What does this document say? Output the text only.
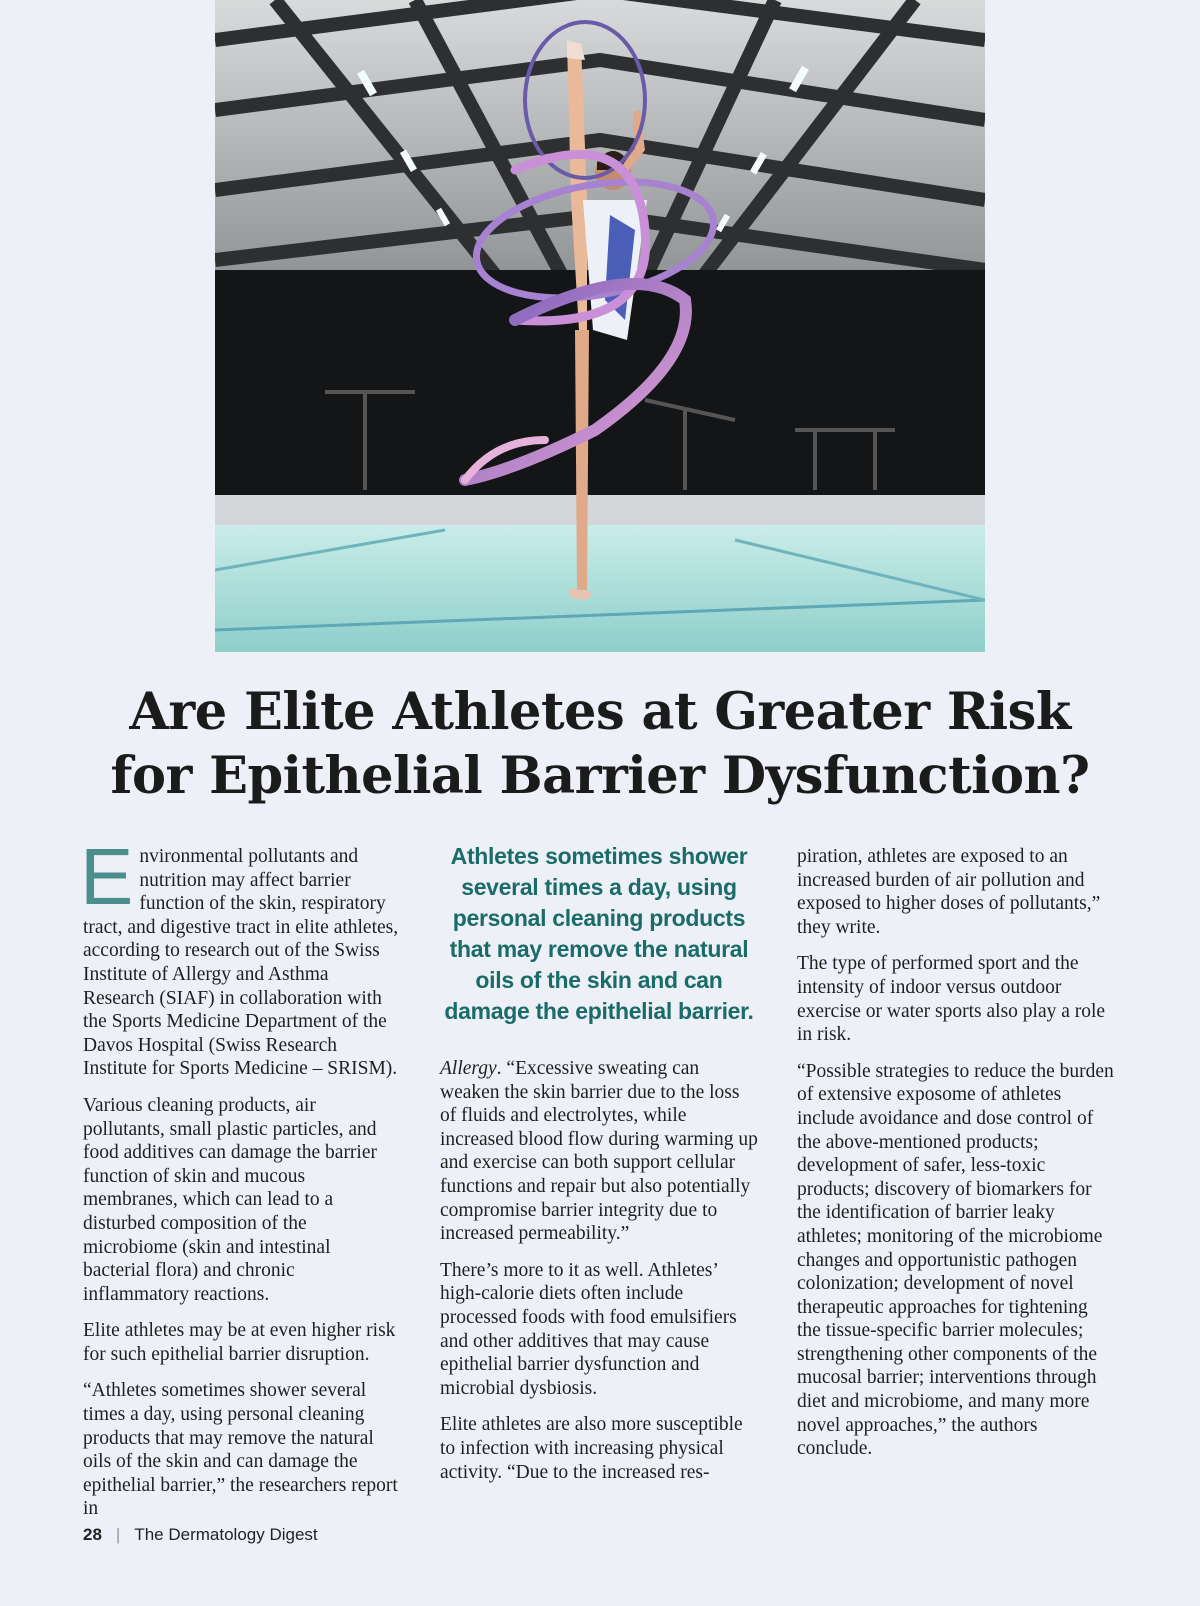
Are Elite Athletes at Greater Risk
for Epithelial Barrier Dysfunction?

Environmental pollutants and nutrition may affect barrier function of the skin, respiratory tract, and digestive tract in elite athletes, according to research out of the Swiss Institute of Allergy and Asthma Research (SIAF) in collaboration with the Sports Medicine Department of the Davos Hospital (Swiss Research Institute for Sports Medicine – SRISM).

Various cleaning products, air pollutants, small plastic particles, and food additives can damage the barrier function of skin and mucous membranes, which can lead to a disturbed composition of the microbiome (skin and intestinal bacterial flora) and chronic inflammatory reactions.

Elite athletes may be at even higher risk for such epithelial barrier disruption.

“Athletes sometimes shower several times a day, using personal cleaning products that may remove the natural oils of the skin and can damage the epithelial barrier,” the researchers report in

Athletes sometimes shower several times a day, using personal cleaning products that may remove the natural oils of the skin and can damage the epithelial barrier.

Allergy. “Excessive sweating can weaken the skin barrier due to the loss of fluids and electrolytes, while increased blood flow during warming up and exercise can both support cellular functions and repair but also potentially compromise barrier integrity due to increased permeability.”

There’s more to it as well. Athletes’ high-calorie diets often include processed foods with food emulsifiers and other additives that may cause epithelial barrier dysfunction and microbial dysbiosis.

Elite athletes are also more susceptible to infection with increasing physical activity. “Due to the increased res-

piration, athletes are exposed to an increased burden of air pollution and exposed to higher doses of pollutants,” they write.

The type of performed sport and the intensity of indoor versus outdoor exercise or water sports also play a role in risk.

“Possible strategies to reduce the burden of extensive exposome of athletes include avoidance and dose control of the above-mentioned products; development of safer, less-toxic products; discovery of biomarkers for the identification of barrier leaky athletes; monitoring of the microbiome changes and opportunistic pathogen colonization; development of novel therapeutic approaches for tightening the tissue-specific barrier molecules; strengthening other components of the mucosal barrier; interventions through diet and microbiome, and many more novel approaches,” the authors conclude.

28 | The Dermatology Digest
